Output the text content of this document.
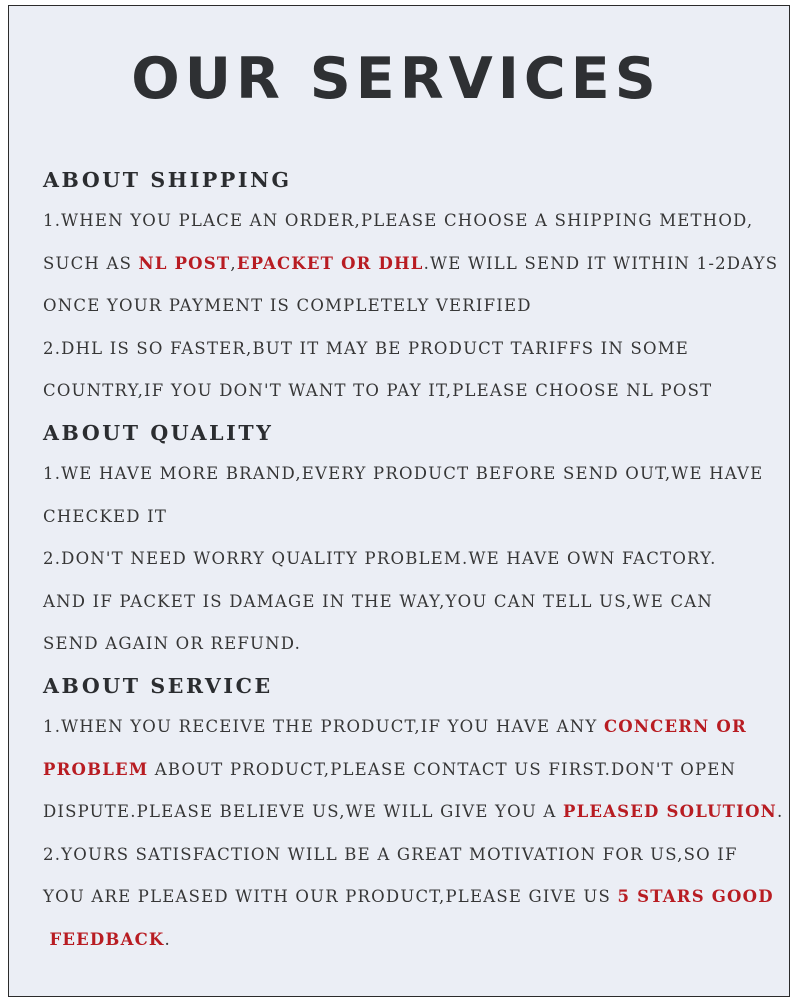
OUR SERVICES
ABOUT SHIPPING
1.WHEN YOU PLACE AN ORDER,PLEASE CHOOSE A SHIPPING METHOD,
SUCH AS NL POST,EPACKET OR DHL.WE WILL SEND IT WITHIN 1-2DAYS
ONCE YOUR PAYMENT IS COMPLETELY VERIFIED
2.DHL IS SO FASTER,BUT IT MAY BE PRODUCT TARIFFS IN SOME
COUNTRY,IF YOU DON'T WANT TO PAY IT,PLEASE CHOOSE NL POST
ABOUT QUALITY
1.WE HAVE MORE BRAND,EVERY PRODUCT BEFORE SEND OUT,WE HAVE
CHECKED IT
2.DON'T NEED WORRY QUALITY PROBLEM.WE HAVE OWN FACTORY.
AND IF PACKET IS DAMAGE IN THE WAY,YOU CAN TELL US,WE CAN
SEND AGAIN OR REFUND.
ABOUT SERVICE
1.WHEN YOU RECEIVE THE PRODUCT,IF YOU HAVE ANY CONCERN OR
PROBLEM ABOUT PRODUCT,PLEASE CONTACT US FIRST.DON'T OPEN
DISPUTE.PLEASE BELIEVE US,WE WILL GIVE YOU A PLEASED SOLUTION.
2.YOURS SATISFACTION WILL BE A GREAT MOTIVATION FOR US,SO IF
YOU ARE PLEASED WITH OUR PRODUCT,PLEASE GIVE US 5 STARS GOOD
FEEDBACK.
